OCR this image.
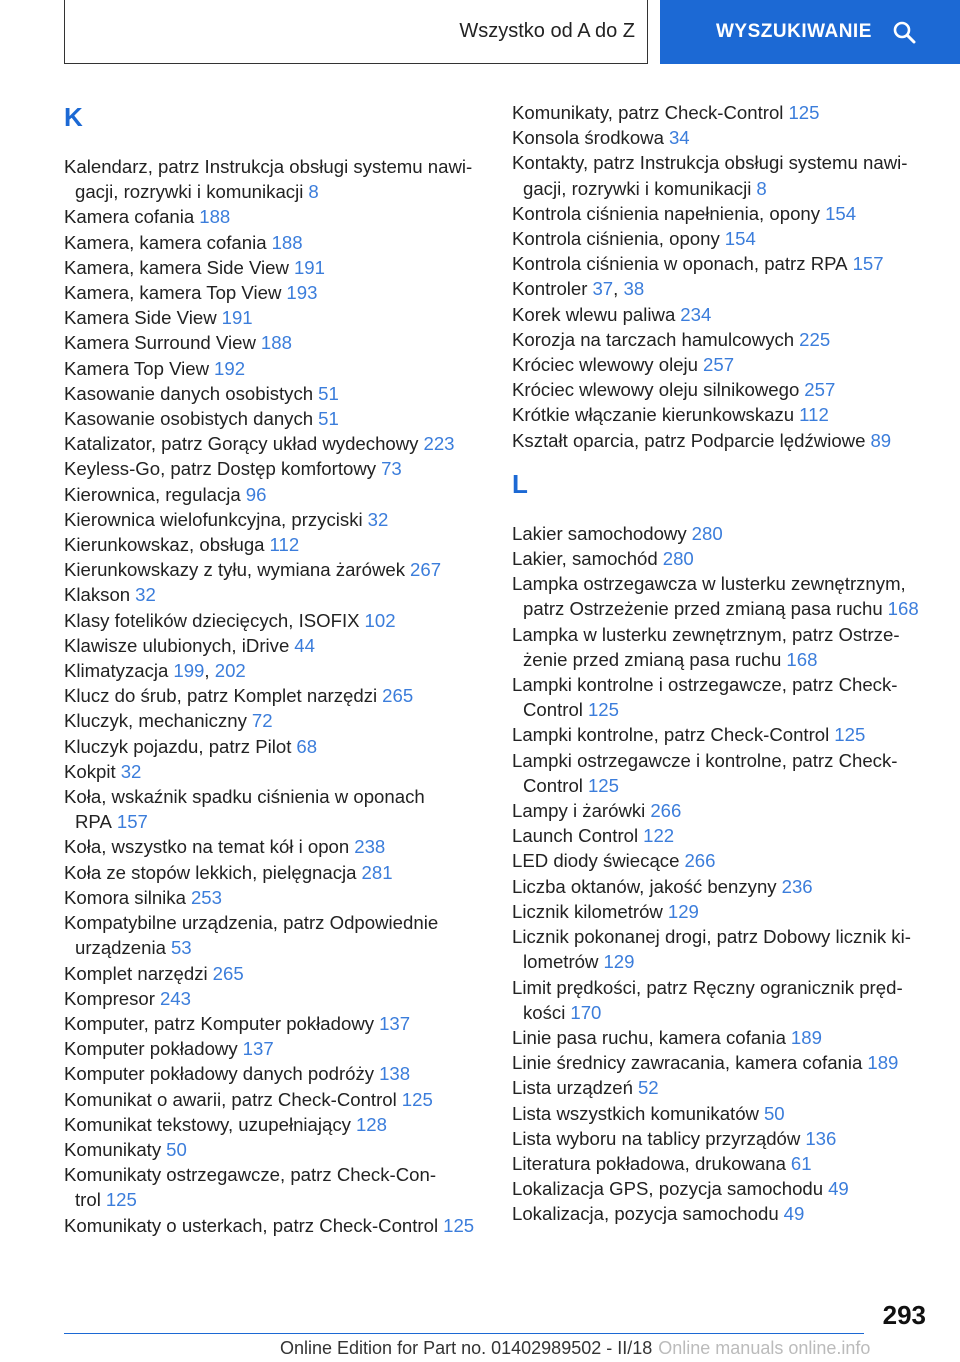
Wszystko od A do Z	WYSZUKIWANIE
K

Kalendarz, patrz Instrukcja obsługi systemu nawigacji, rozrywki i komunikacji 8

Kamera cofania 188

Kamera, kamera cofania 188

Kamera, kamera Side View 191

Kamera, kamera Top View 193

Kamera Side View 191

Kamera Surround View 188

Kamera Top View 192

Kasowanie danych osobistych 51

Kasowanie osobistych danych 51

Katalizator, patrz Gorący układ wydechowy 223

Keyless-Go, patrz Dostęp komfortowy 73

Kierownica, regulacja 96

Kierownica wielofunkcyjna, przyciski 32

Kierunkowskaz, obsługa 112

Kierunkowskazy z tyłu, wymiana żarówek 267

Klakson 32

Klasy fotelików dziecięcych, ISOFIX 102

Klawisze ulubionych, iDrive 44

Klimatyzacja 199, 202

Klucz do śrub, patrz Komplet narzędzi 265

Kluczyk, mechaniczny 72

Kluczyk pojazdu, patrz Pilot 68

Kokpit 32

Koła, wskaźnik spadku ciśnienia w oponach RPA 157

Koła, wszystko na temat kół i opon 238

Koła ze stopów lekkich, pielęgnacja 281

Komora silnika 253

Kompatybilne urządzenia, patrz Odpowiednie urządzenia 53

Komplet narzędzi 265

Kompresor 243

Komputer, patrz Komputer pokładowy 137

Komputer pokładowy 137

Komputer pokładowy danych podróży 138

Komunikat o awarii, patrz Check-Control 125

Komunikat tekstowy, uzupełniający 128

Komunikaty 50

Komunikaty ostrzegawcze, patrz Check-Control 125

Komunikaty o usterkach, patrz Check-Control 125

Komunikaty, patrz Check-Control 125

Konsola środkowa 34

Kontakty, patrz Instrukcja obsługi systemu nawigacji, rozrywki i komunikacji 8

Kontrola ciśnienia napełnienia, opony 154

Kontrola ciśnienia, opony 154

Kontrola ciśnienia w oponach, patrz RPA 157

Kontroler 37, 38

Korek wlewu paliwa 234

Korozja na tarczach hamulcowych 225

Króciec wlewowy oleju 257

Króciec wlewowy oleju silnikowego 257

Krótkie włączanie kierunkowskazu 112

Kształt oparcia, patrz Podparcie lędźwiowe 89

L

Lakier samochodowy 280

Lakier, samochód 280

Lampka ostrzegawcza w lusterku zewnętrznym, patrz Ostrzeżenie przed zmianą pasa ruchu 168

Lampka w lusterku zewnętrznym, patrz Ostrzeżenie przed zmianą pasa ruchu 168

Lampki kontrolne i ostrzegawcze, patrz Check-Control 125

Lampki kontrolne, patrz Check-Control 125

Lampki ostrzegawcze i kontrolne, patrz Check-Control 125

Lampy i żarówki 266

Launch Control 122

LED diody świecące 266

Liczba oktanów, jakość benzyny 236

Licznik kilometrów 129

Licznik pokonanej drogi, patrz Dobowy licznik kilometrów 129

Limit prędkości, patrz Ręczny ogranicznik prędkości 170

Linie pasa ruchu, kamera cofania 189

Linie średnicy zawracania, kamera cofania 189

Lista urządzeń 52

Lista wszystkich komunikatów 50

Lista wyboru na tablicy przyrządów 136

Literatura pokładowa, drukowana 61

Lokalizacja GPS, pozycja samochodu 49

Lokalizacja, pozycja samochodu 49

293
Online Edition for Part no. 01402989502 - II/18 Online manuals online.info
